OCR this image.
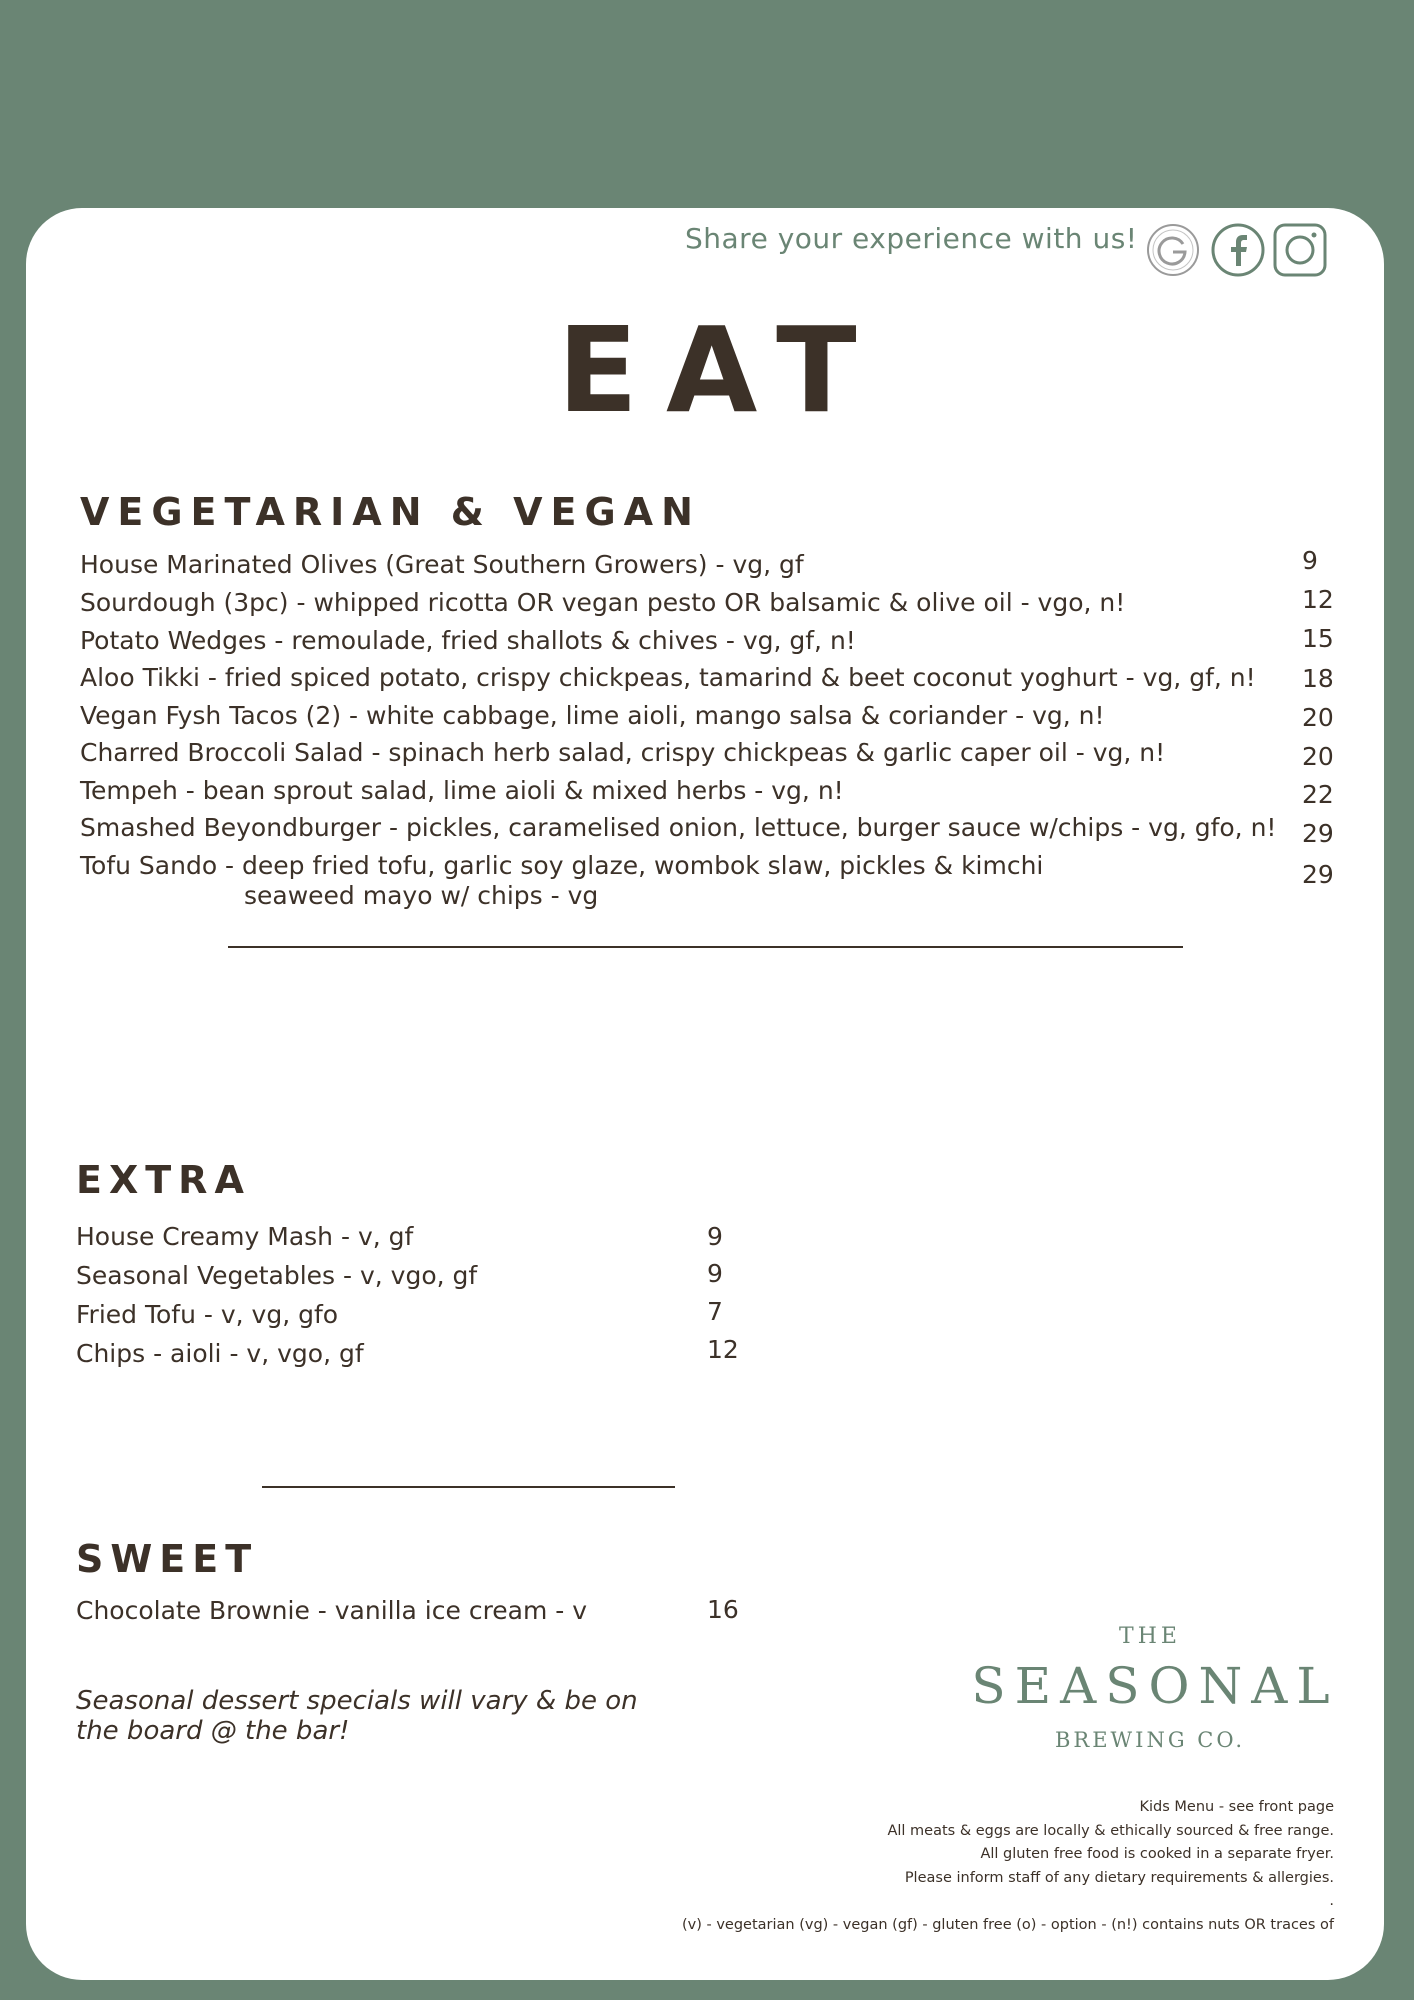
Share your experience with us!
EAT
VEGETARIAN & VEGAN
House Marinated Olives (Great Southern Growers) - vg, gf	9
Sourdough (3pc) - whipped ricotta OR vegan pesto OR balsamic & olive oil - vgo, n!	12
Potato Wedges - remoulade, fried shallots & chives - vg, gf, n!	15
Aloo Tikki - fried spiced potato, crispy chickpeas, tamarind & beet coconut yoghurt - vg, gf, n! 18
Vegan Fysh Tacos (2) - white cabbage, lime aioli, mango salsa & coriander - vg, n!	20
Charred Broccoli Salad - spinach herb salad, crispy chickpeas & garlic caper oil - vg, n!	20
Tempeh - bean sprout salad, lime aioli & mixed herbs - vg, n!	22
Smashed Beyondburger - pickles, caramelised onion, lettuce, burger sauce w/chips - vg, gfo, n! 29
Tofu Sando - deep fried tofu, garlic soy glaze, wombok slaw, pickles & kimchi
seaweed mayo w/ chips - vg
29
EXTRA
House Creamy Mash - v, gf	9
Seasonal Vegetables - v, vgo, gf	9
Fried Tofu - v, vg, gfo	7
Chips - aioli - v, vgo, gf	12
SWEET
Chocolate Brownie - vanilla ice cream - v	16
Seasonal dessert specials will vary & be on
the board @ the bar!
THE
SEASONAL
BREWING CO.
Kids Menu - see front page
All meats & eggs are locally & ethically sourced & free range.
All gluten free food is cooked in a separate fryer.
Please inform staff of any dietary requirements & allergies.
.
(v) - vegetarian (vg) - vegan (gf) - gluten free (o) - option - (n!) contains nuts OR traces of
